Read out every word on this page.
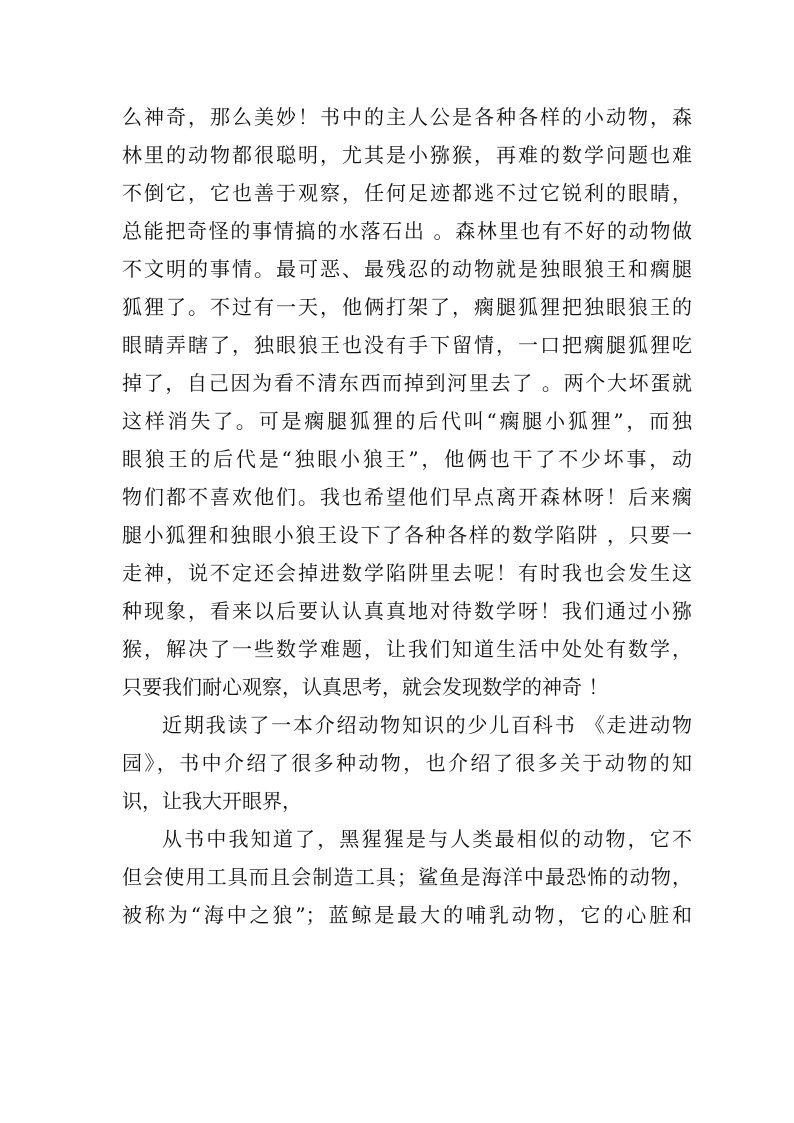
么神奇，那么美妙！书中的主人公是各种各样的小动物，森
林里的动物都很聪明，尤其是小猕猴，再难的数学问题也难
不倒它，它也善于观察，任何足迹都逃不过它锐利的眼睛，
总能把奇怪的事情搞的水落石出 。森林里也有不好的动物做
不文明的事情。最可恶、最残忍的动物就是独眼狼王和瘸腿
狐狸了。不过有一天，他俩打架了，瘸腿狐狸把独眼狼王的
眼睛弄瞎了，独眼狼王也没有手下留情，一口把瘸腿狐狸吃
掉了，自己因为看不清东西而掉到河里去了 。两个大坏蛋就
这样消失了。可是瘸腿狐狸的后代叫“瘸腿小狐狸”，而独
眼狼王的后代是“独眼小狼王”，他俩也干了不少坏事，动
物们都不喜欢他们。我也希望他们早点离开森林呀！后来瘸
腿小狐狸和独眼小狼王设下了各种各样的数学陷阱 ，只要一
走神，说不定还会掉进数学陷阱里去呢！有时我也会发生这
种现象，看来以后要认认真真地对待数学呀！我们通过小猕
猴，解决了一些数学难题，让我们知道生活中处处有数学，
只要我们耐心观察，认真思考，就会发现数学的神奇 ！
近期我读了一本介绍动物知识的少儿百科书 《走进动物
园》，书中介绍了很多种动物，也介绍了很多关于动物的知
识，让我大开眼界，
从书中我知道了，黑猩猩是与人类最相似的动物，它不
但会使用工具而且会制造工具；鲨鱼是海洋中最恐怖的动物，
被称为“海中之狼”；蓝鲸是最大的哺乳动物，它的心脏和
